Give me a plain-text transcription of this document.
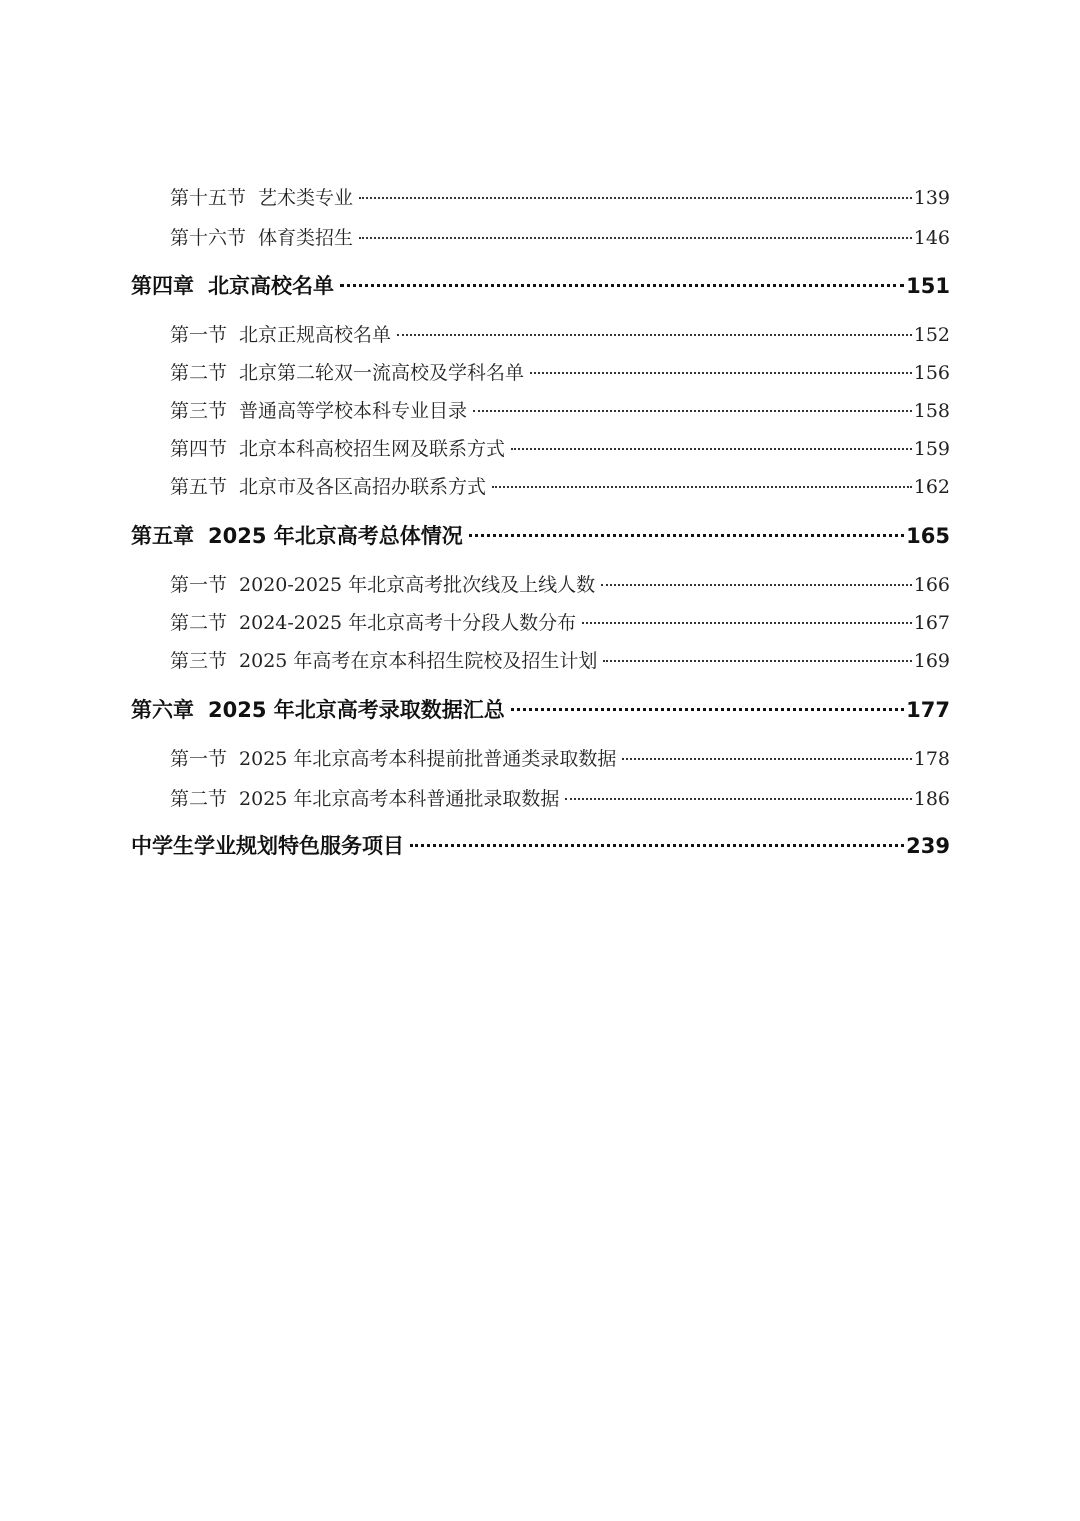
第十五节 艺术类专业	139
第十六节 体育类招生	146
第四章 北京高校名单	151
第一节 北京正规高校名单	152
第二节 北京第二轮双一流高校及学科名单	156
第三节 普通高等学校本科专业目录	158
第四节 北京本科高校招生网及联系方式	159
第五节 北京市及各区高招办联系方式	162
第五章 2025 年北京高考总体情况	165
第一节 2020-2025 年北京高考批次线及上线人数	166
第二节 2024-2025 年北京高考十分段人数分布	167
第三节 2025 年高考在京本科招生院校及招生计划	169
第六章 2025 年北京高考录取数据汇总	177
第一节 2025 年北京高考本科提前批普通类录取数据	178
第二节 2025 年北京高考本科普通批录取数据	186
中学生学业规划特色服务项目	239
